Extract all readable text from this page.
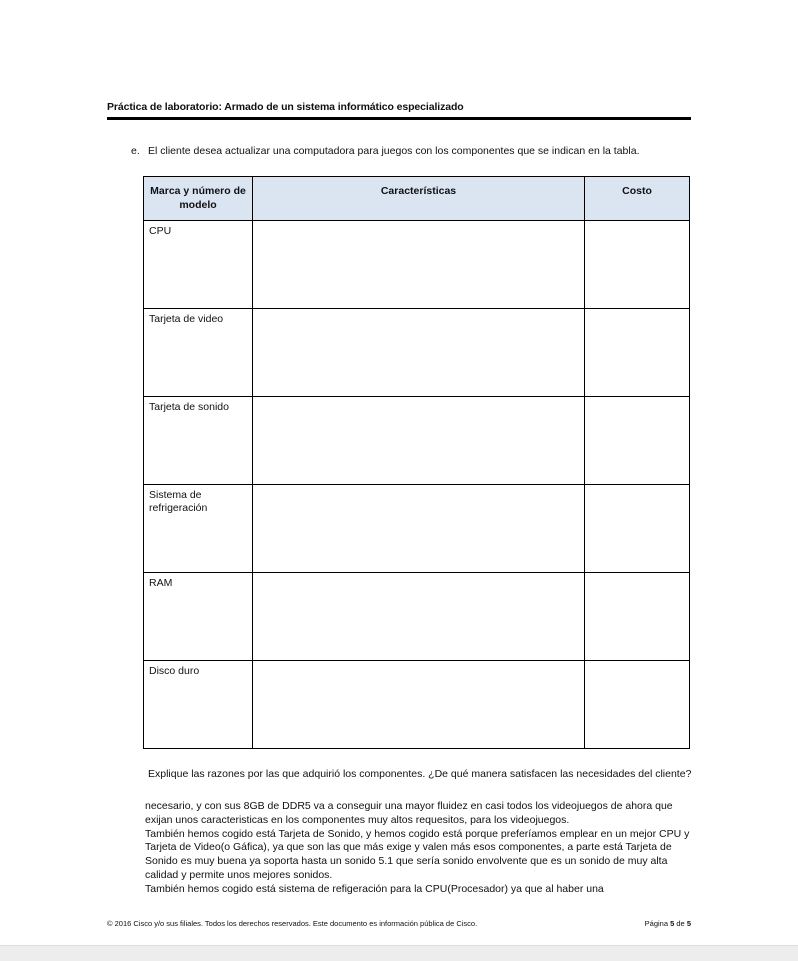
Práctica de laboratorio: Armado de un sistema informático especializado
e. El cliente desea actualizar una computadora para juegos con los componentes que se indican en la tabla.
Marca y número de modelo	Características	Costo
CPU		
Tarjeta de video		
Tarjeta de sonido		
Sistema de refrigeración		
RAM		
Disco duro		
Explique las razones por las que adquirió los componentes. ¿De qué manera satisfacen las necesidades del cliente?

necesario, y con sus 8GB de DDR5 va a conseguir una mayor fluidez en casi todos los videojuegos de ahora que exijan unos caracteristicas en los componentes muy altos requesitos, para los videojuegos.

También hemos cogido está Tarjeta de Sonido, y hemos cogido está porque preferíamos emplear en un mejor CPU y Tarjeta de Video(o Gáfica), ya que son las que más exige y valen más esos componentes, a parte está Tarjeta de Sonido es muy buena ya soporta hasta un sonido 5.1 que sería sonido envolvente que es un sonido de muy alta calidad y permite unos mejores sonidos.

También hemos cogido está sistema de refigeración para la CPU(Procesador) ya que al haber una

© 2016 Cisco y/o sus filiales. Todos los derechos reservados. Este documento es información pública de Cisco.	Página 5 de 5
